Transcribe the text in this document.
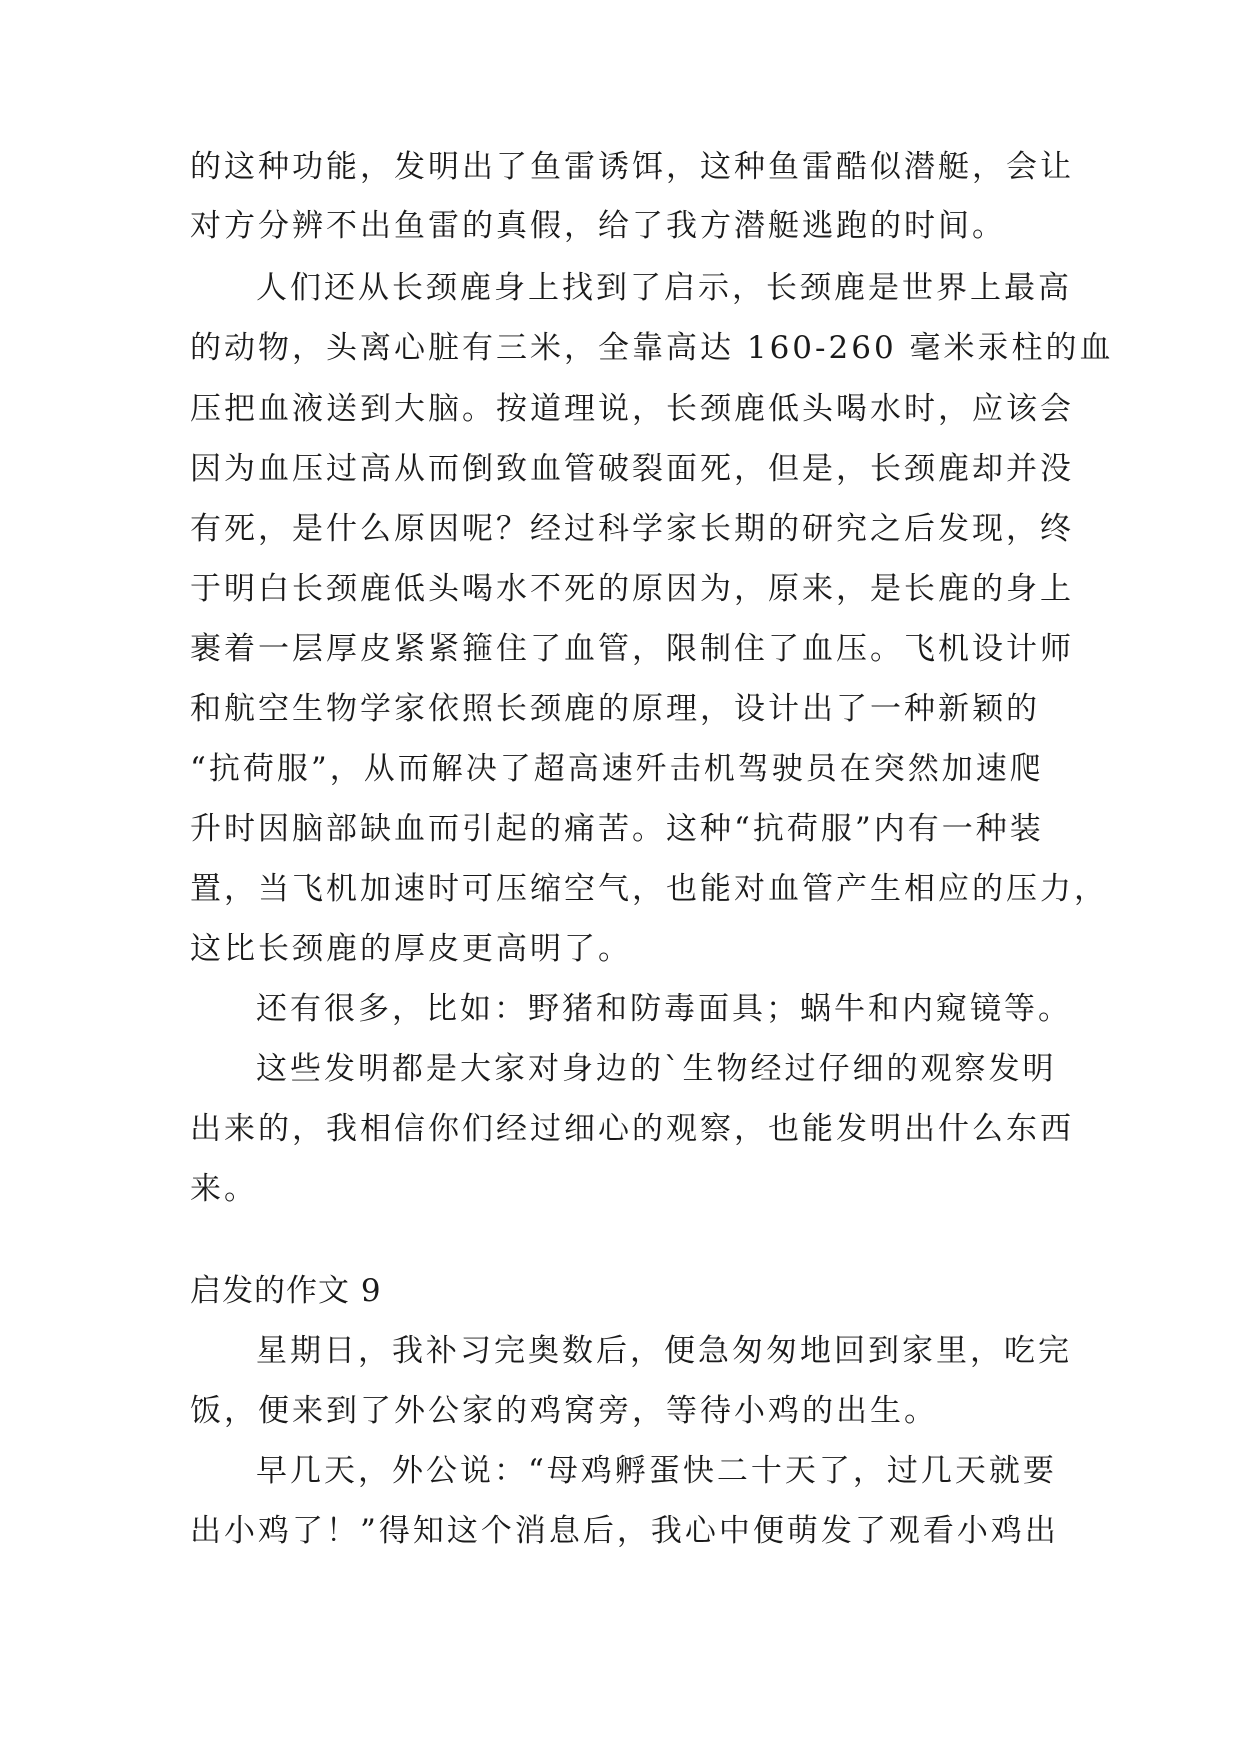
的这种功能，发明出了鱼雷诱饵，这种鱼雷酷似潜艇，会让
对方分辨不出鱼雷的真假，给了我方潜艇逃跑的时间。
人们还从长颈鹿身上找到了启示，长颈鹿是世界上最高
的动物，头离心脏有三米，全靠高达 160-260 毫米汞柱的血
压把血液送到大脑。按道理说，长颈鹿低头喝水时，应该会
因为血压过高从而倒致血管破裂面死，但是，长颈鹿却并没
有死，是什么原因呢？经过科学家长期的研究之后发现，终
于明白长颈鹿低头喝水不死的原因为，原来，是长鹿的身上
裹着一层厚皮紧紧箍住了血管，限制住了血压。飞机设计师
和航空生物学家依照长颈鹿的原理，设计出了一种新颖的
“抗荷服”，从而解决了超高速歼击机驾驶员在突然加速爬
升时因脑部缺血而引起的痛苦。这种“抗荷服”内有一种装
置，当飞机加速时可压缩空气，也能对血管产生相应的压力，
这比长颈鹿的厚皮更高明了。
还有很多，比如：野猪和防毒面具；蜗牛和内窥镜等。
这些发明都是大家对身边的`生物经过仔细的观察发明
出来的，我相信你们经过细心的观察，也能发明出什么东西
来。
启发的作文 9
星期日，我补习完奥数后，便急匆匆地回到家里，吃完
饭，便来到了外公家的鸡窝旁，等待小鸡的出生。
早几天，外公说：“母鸡孵蛋快二十天了，过几天就要
出小鸡了！”得知这个消息后，我心中便萌发了观看小鸡出
